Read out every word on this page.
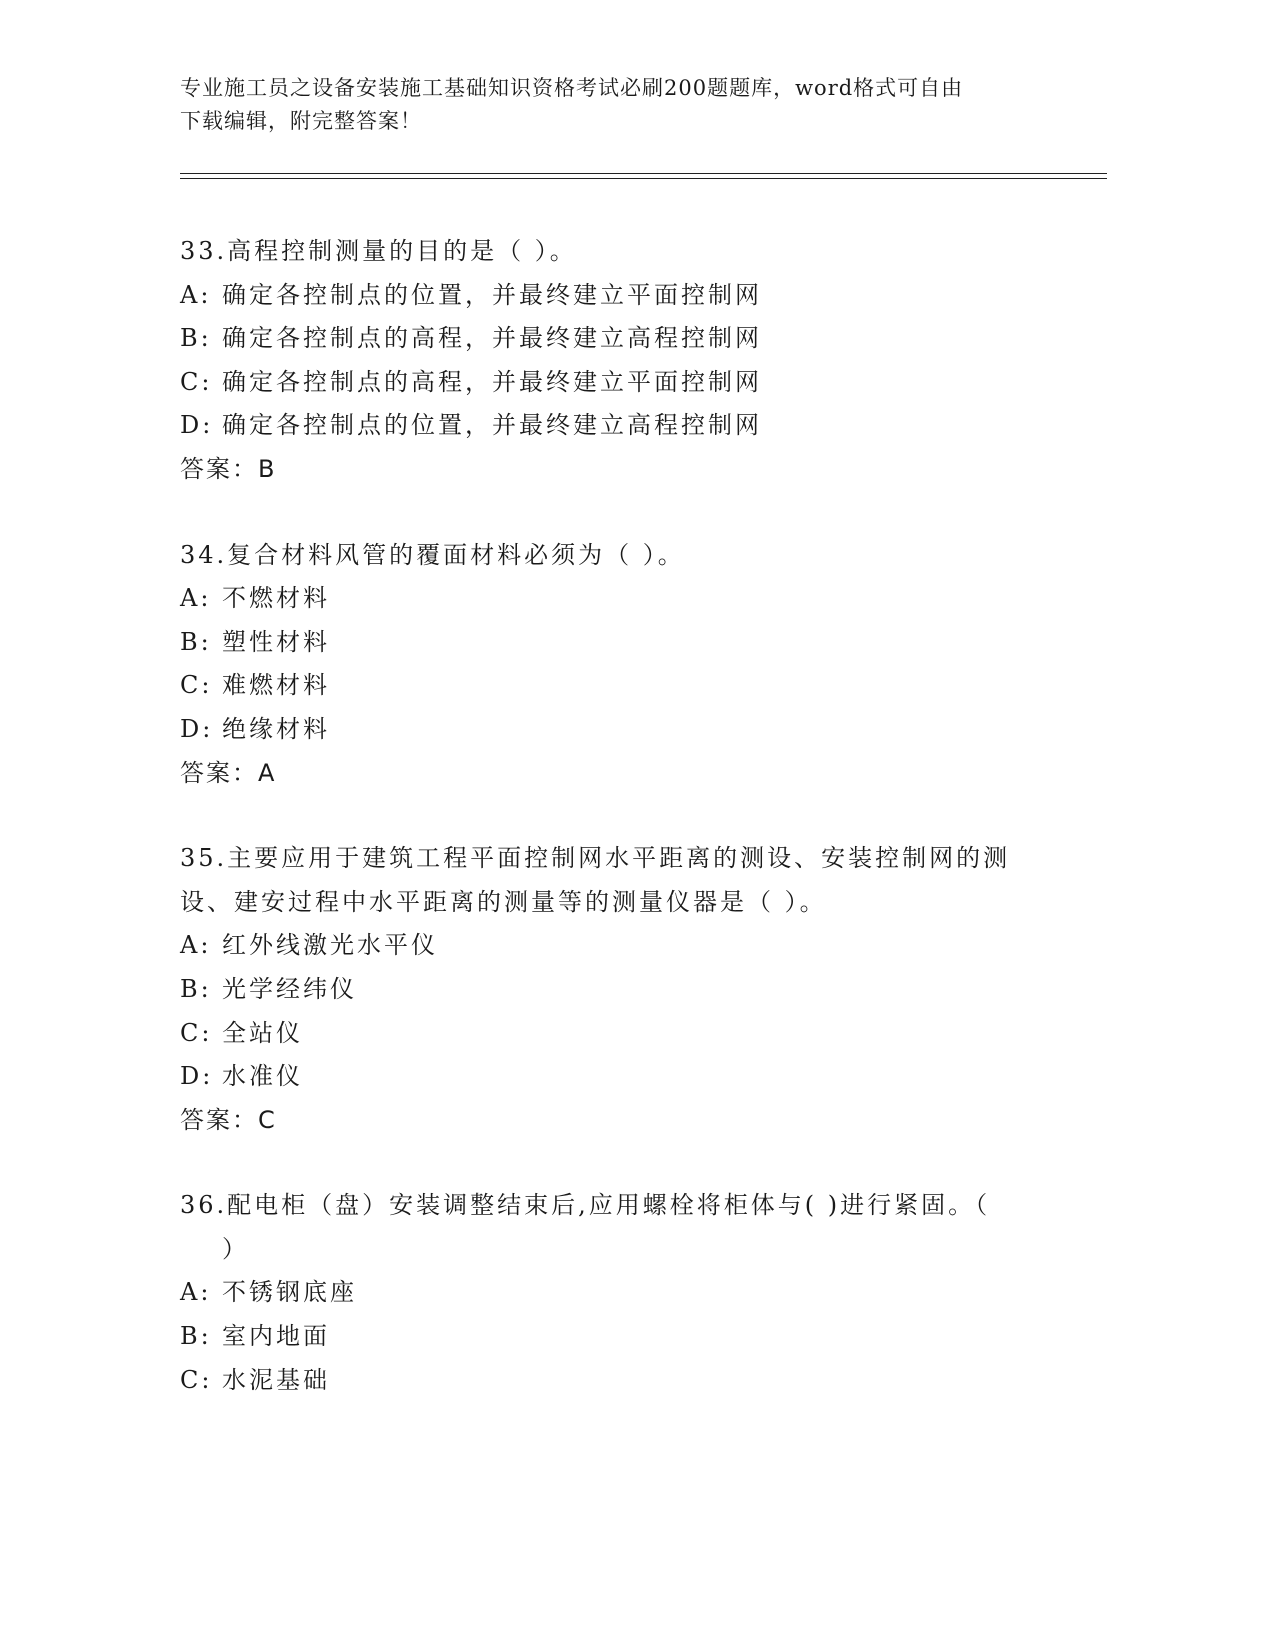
专业施工员之设备安装施工基础知识资格考试必刷200题题库，word格式可自由
下载编辑，附完整答案！
33.高程控制测量的目的是（ ）。
A: 确定各控制点的位置，并最终建立平面控制网
B: 确定各控制点的高程，并最终建立高程控制网
C: 确定各控制点的高程，并最终建立平面控制网
D: 确定各控制点的位置，并最终建立高程控制网
答案：B
34.复合材料风管的覆面材料必须为（ ）。
A: 不燃材料
B: 塑性材料
C: 难燃材料
D: 绝缘材料
答案：A
35.主要应用于建筑工程平面控制网水平距离的测设、安装控制网的测
设、建安过程中水平距离的测量等的测量仪器是（ ）。
A: 红外线激光水平仪
B: 光学经纬仪
C: 全站仪
D: 水准仪
答案：C
36.配电柜（盘）安装调整结束后,应用螺栓将柜体与( )进行紧固。（
）
A: 不锈钢底座
B: 室内地面
C: 水泥基础
